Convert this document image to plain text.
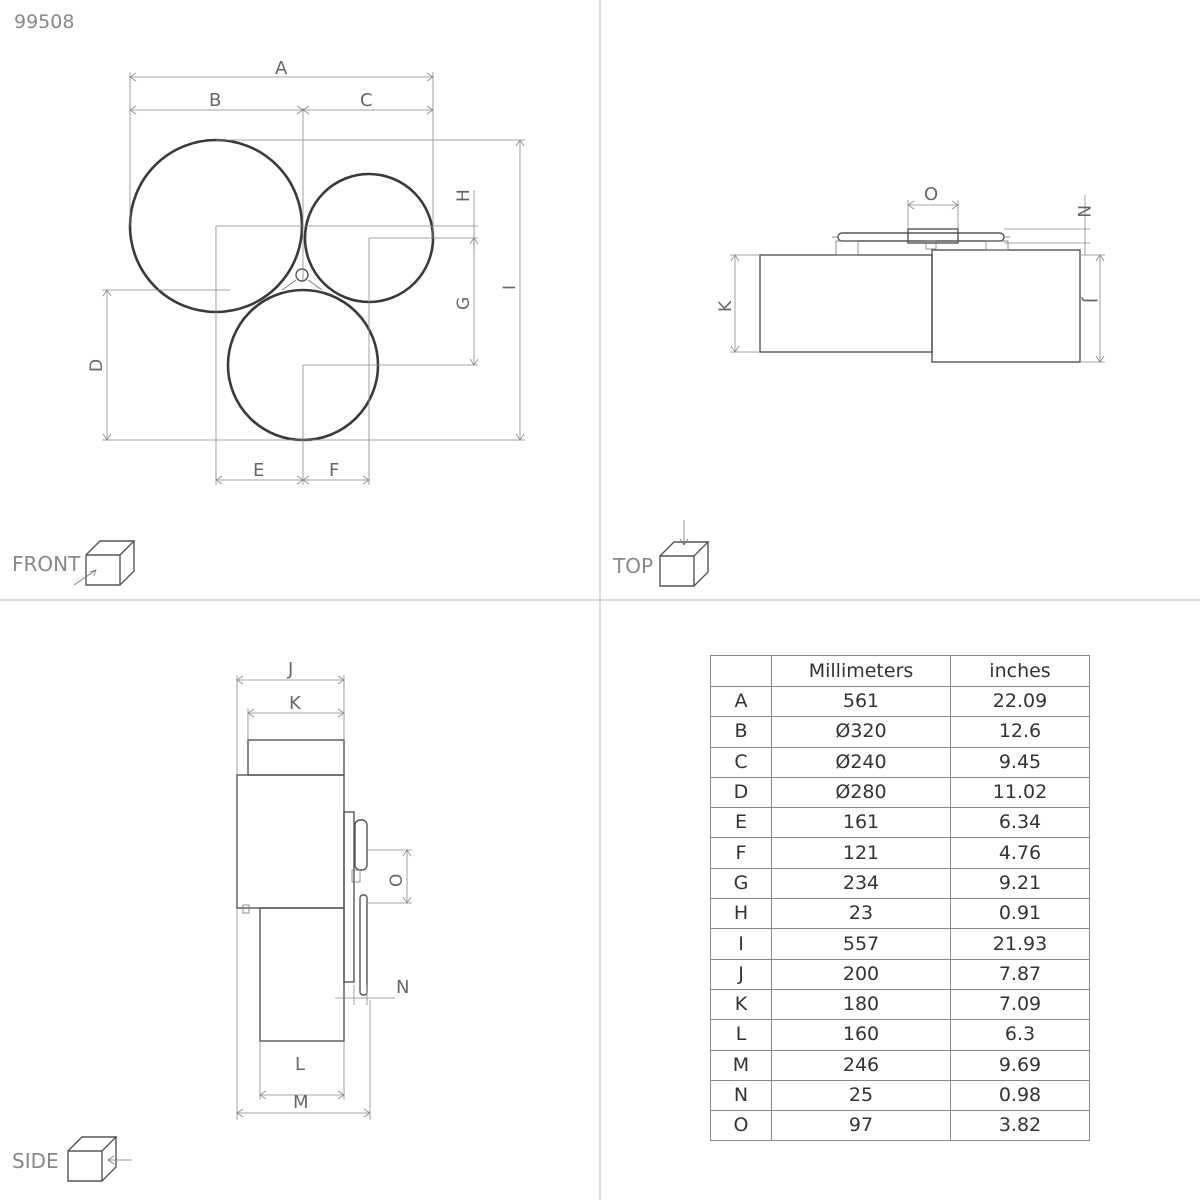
99508
A
B	C
D
E	F
G
H
I
FRONT
O
N
K
J
TOP
J
K
O
N
L
M
SIDE
	Millimeters	inches
A	561	22.09
B	Ø320	12.6
C	Ø240	9.45
D	Ø280	11.02
E	161	6.34
F	121	4.76
G	234	9.21
H	23	0.91
I	557	21.93
J	200	7.87
K	180	7.09
L	160	6.3
M	246	9.69
N	25	0.98
O	97	3.82
